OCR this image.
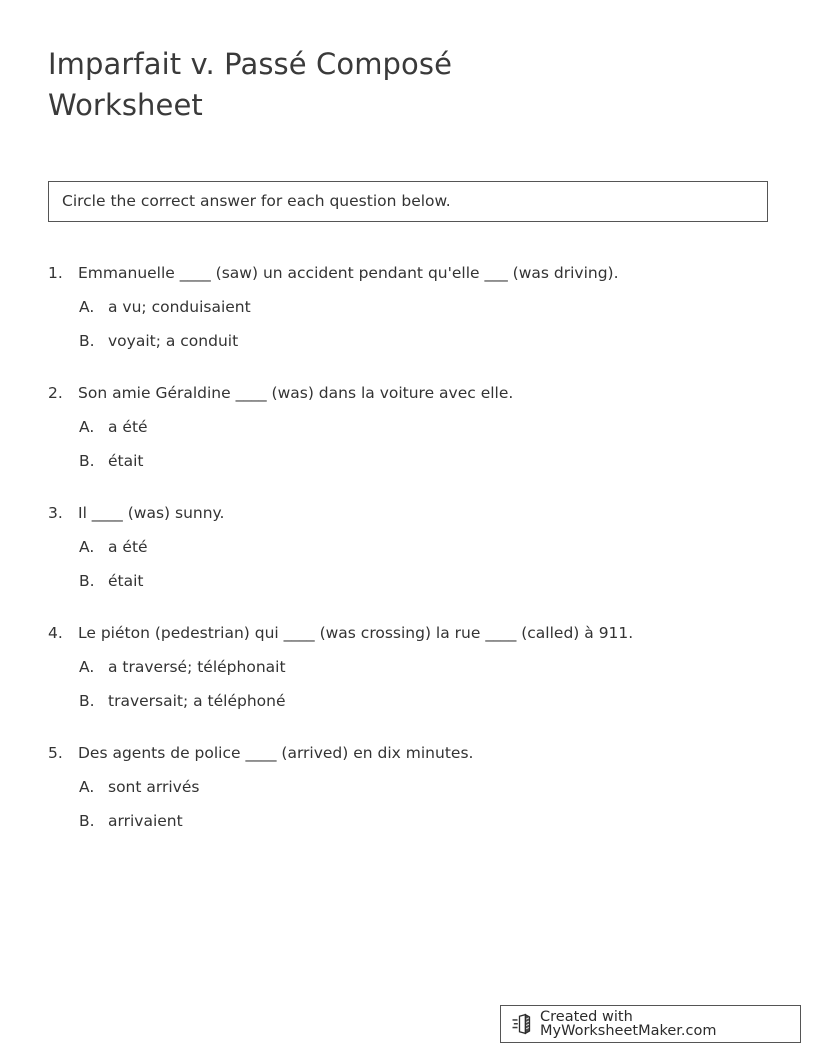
Imparfait v. Passé Composé
Worksheet
Circle the correct answer for each question below.
1. Emmanuelle ____ (saw) un accident pendant qu'elle ___ (was driving).
A. a vu; conduisaient
B. voyait; a conduit
2. Son amie Géraldine ____ (was) dans la voiture avec elle.
A. a été
B. était
3. Il ____ (was) sunny.
A. a été
B. était
4. Le piéton (pedestrian) qui ____ (was crossing) la rue ____ (called) à 911.
A. a traversé; téléphonait
B. traversait; a téléphoné
5. Des agents de police ____ (arrived) en dix minutes.
A. sont arrivés
B. arrivaient
Created with MyWorksheetMaker.com
